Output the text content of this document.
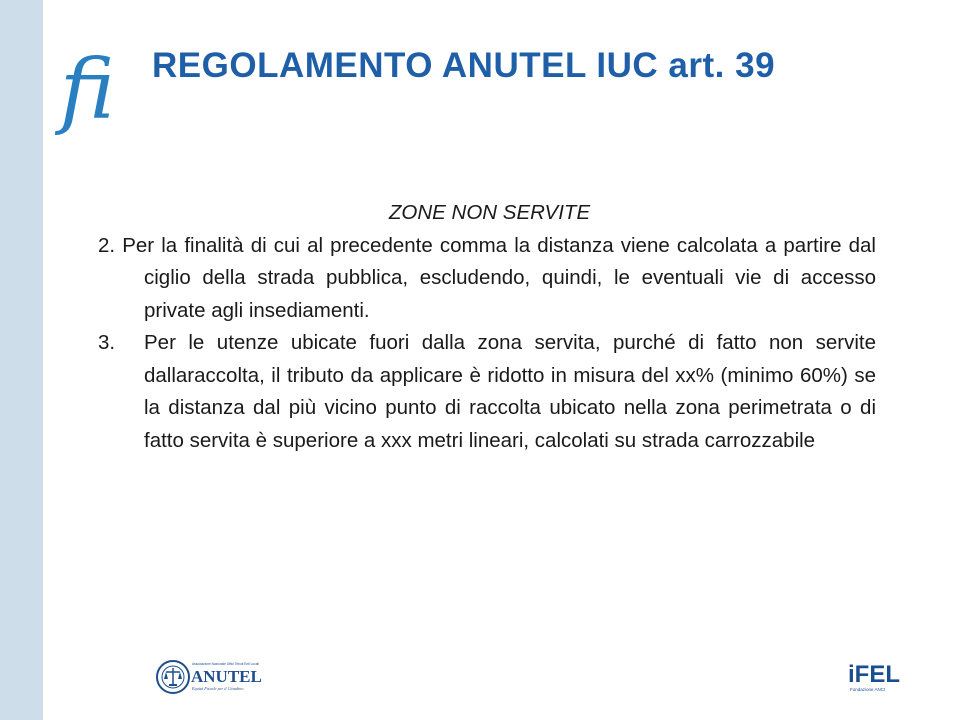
fi REGOLAMENTO ANUTEL IUC art. 39

ZONE NON SERVITE

2. Per la finalità di cui al precedente comma la distanza viene calcolata a partire dal ciglio della strada pubblica, escludendo, quindi, le eventuali vie di accesso private agli insediamenti.

3.	Per le utenze ubicate fuori dalla zona servita, purché di fatto non servite dallaraccolta, il tributo da applicare è ridotto in misura del xx% (minimo 60%) se la distanza dal più vicino punto di raccolta ubicato nella zona perimetrata o di fatto servita è superiore a xxx metri lineari, calcolati su strada carrozzabile
Associazione Nazionale Uffici Tributi Enti Locali
ANUTEL
Equità Fiscale per il Cittadino
iFEL
Fondazione ANCI
